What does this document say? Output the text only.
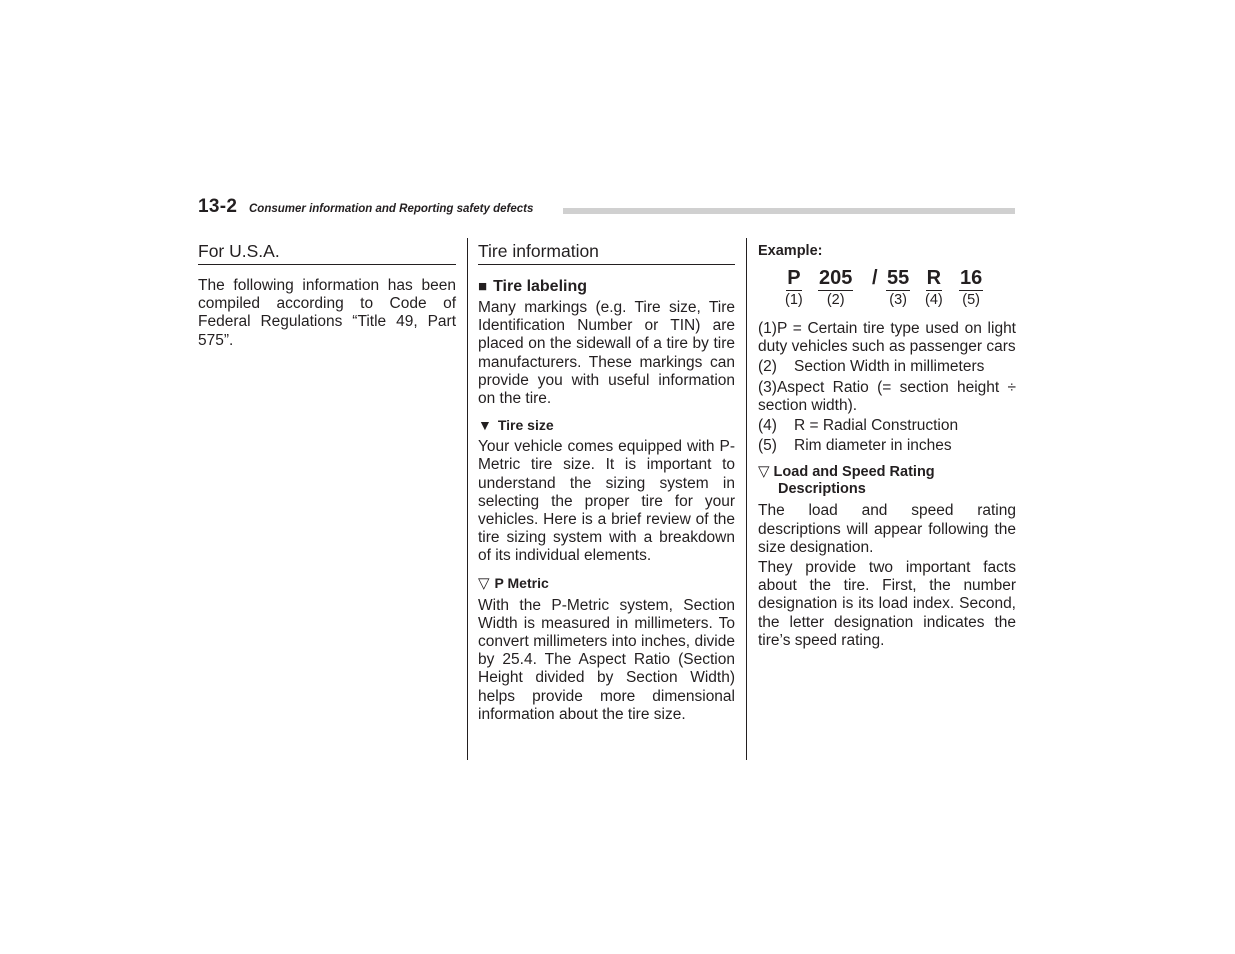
13-2 Consumer information and Reporting safety defects
For U.S.A.

The following information has been compiled according to Code of Federal Regulations “Title 49, Part 575”.

Tire information
■ Tire labeling

Many markings (e.g. Tire size, Tire Identification Number or TIN) are placed on the sidewall of a tire by tire manufacturers. These markings can provide you with useful information on the tire.

▼ Tire size

Your vehicle comes equipped with P-Metric tire size. It is important to understand the sizing system in selecting the proper tire for your vehicles. Here is a brief review of the tire sizing system with a breakdown of its individual elements.

▽ P Metric

With the P-Metric system, Section Width is measured in millimeters. To convert millimeters into inches, divide by 25.4. The Aspect Ratio (Section Height divided by Section Width) helps provide more dimensional information about the tire size.

Example:
P
(1)
205
(2)
/ 55
(3)
R
(4)
16
(5)

(1)P = Certain tire type used on light duty vehicles such as passenger cars

(2) Section Width in millimeters

(3)Aspect Ratio (= section height ÷ section width).

(4) R = Radial Construction

(5) Rim diameter in inches

▽ Load and Speed Rating Descriptions

The load and speed rating descriptions will appear following the size designation.

They provide two important facts about the tire. First, the number designation is its load index. Second, the letter designation indicates the tire’s speed rating.
